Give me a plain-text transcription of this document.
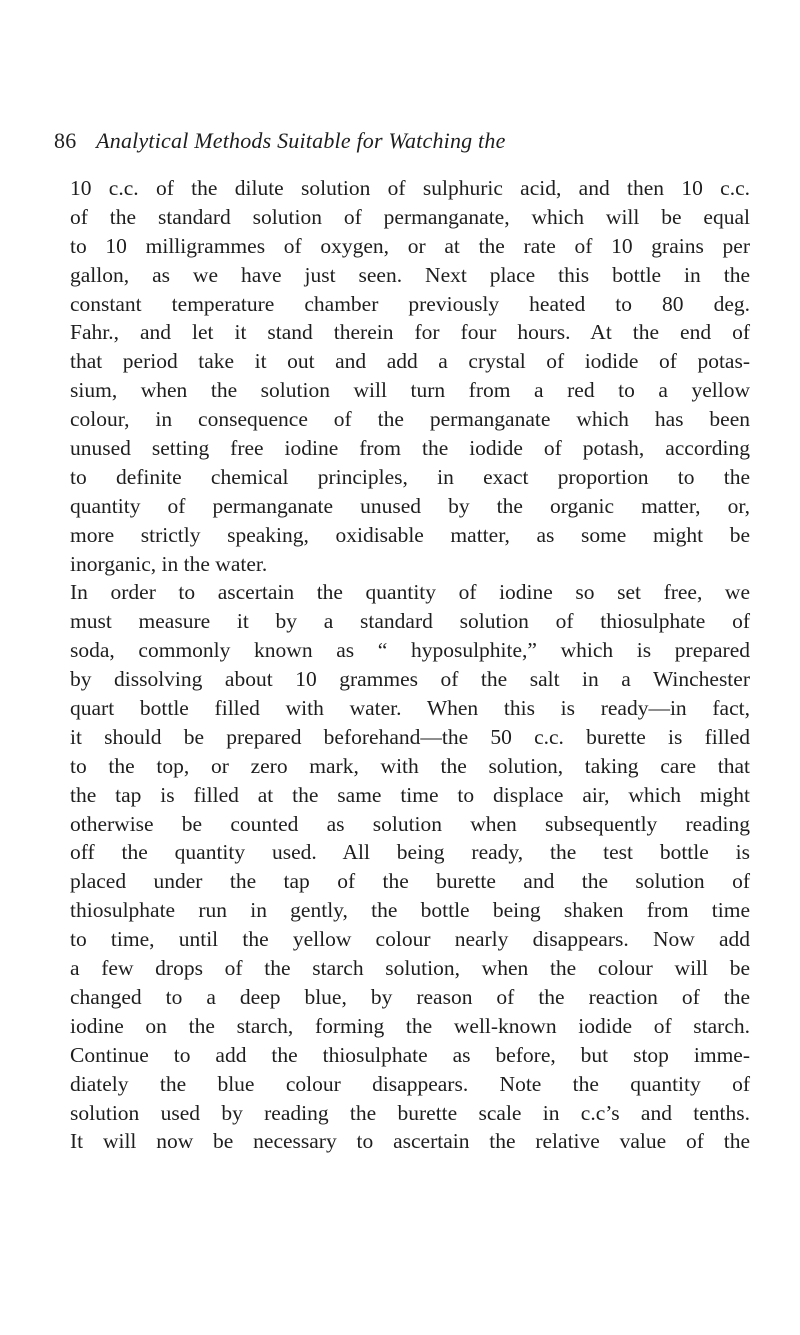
86 Analytical Methods Suitable for Watching the
10 c.c. of the dilute solution of sulphuric acid, and then 10 c.c.
of the standard solution of permanganate, which will be equal
to 10 milligrammes of oxygen, or at the rate of 10 grains per
gallon, as we have just seen. Next place this bottle in the
constant temperature chamber previously heated to 80 deg.
Fahr., and let it stand therein for four hours. At the end of
that period take it out and add a crystal of iodide of potas-
sium, when the solution will turn from a red to a yellow
colour, in consequence of the permanganate which has been
unused setting free iodine from the iodide of potash, according
to definite chemical principles, in exact proportion to the
quantity of permanganate unused by the organic matter, or,
more strictly speaking, oxidisable matter, as some might be
inorganic, in the water.
In order to ascertain the quantity of iodine so set free, we
must measure it by a standard solution of thiosulphate of
soda, commonly known as “ hyposulphite,” which is prepared
by dissolving about 10 grammes of the salt in a Winchester
quart bottle filled with water. When this is ready—in fact,
it should be prepared beforehand—the 50 c.c. burette is filled
to the top, or zero mark, with the solution, taking care that
the tap is filled at the same time to displace air, which might
otherwise be counted as solution when subsequently reading
off the quantity used. All being ready, the test bottle is
placed under the tap of the burette and the solution of
thiosulphate run in gently, the bottle being shaken from time
to time, until the yellow colour nearly disappears. Now add
a few drops of the starch solution, when the colour will be
changed to a deep blue, by reason of the reaction of the
iodine on the starch, forming the well-known iodide of starch.
Continue to add the thiosulphate as before, but stop imme-
diately the blue colour disappears. Note the quantity of
solution used by reading the burette scale in c.c’s and tenths.
It will now be necessary to ascertain the relative value of the
